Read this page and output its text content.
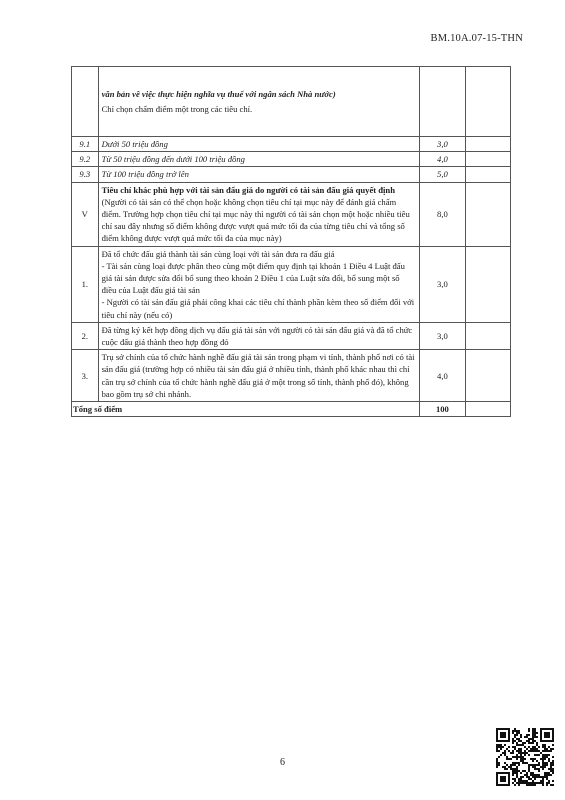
BM.10A.07-15-THN

	văn bản về việc thực hiện nghĩa vụ thuế với ngân sách Nhà nước)
Chỉ chọn chấm điểm một trong các tiêu chí.		

9.1	Dưới 50 triệu đồng	3,0	
9.2	Từ 50 triệu đồng đến dưới 100 triệu đồng	4,0	
9.3	Từ 100 triệu đồng trở lên	5,0	
V	Tiêu chí khác phù hợp với tài sản đấu giá do người có tài sản đấu giá quyết định (Người có tài sản có thể chọn hoặc không chọn tiêu chí tại mục này để đánh giá chấm điểm. Trường hợp chọn tiêu chí tại mục này thì người có tài sản chọn một hoặc nhiều tiêu chí sau đây nhưng số điểm không được vượt quá mức tối đa của từng tiêu chí và tổng số điểm không được vượt quá mức tối đa của mục này)	8,0	
1.	Đã tổ chức đấu giá thành tài sản cùng loại với tài sản đưa ra đấu giá
- Tài sản cùng loại được phân theo cùng một điểm quy định tại khoản 1 Điều 4 Luật đấu giá tài sản được sửa đổi bổ sung theo khoản 2 Điều 1 của Luật sửa đổi, bổ sung một số điều của Luật đấu giá tài sản
- Người có tài sản đấu giá phải công khai các tiêu chí thành phần kèm theo số điểm đối với tiêu chí này (nếu có)	3,0	
2.	Đã từng ký kết hợp đồng dịch vụ đấu giá tài sản với người có tài sản đấu giá và đã tổ chức cuộc đấu giá thành theo hợp đồng đó	3,0	
3.	Trụ sở chính của tổ chức hành nghề đấu giá tài sản trong phạm vi tỉnh, thành phố nơi có tài sản đấu giá (trường hợp có nhiều tài sản đấu giá ở nhiều tỉnh, thành phố khác nhau thì chỉ cần trụ sở chính của tổ chức hành nghề đấu giá ở một trong số tỉnh, thành phố đó), không bao gồm trụ sở chi nhánh.	4,0	
Tổng số điểm		100	
6
